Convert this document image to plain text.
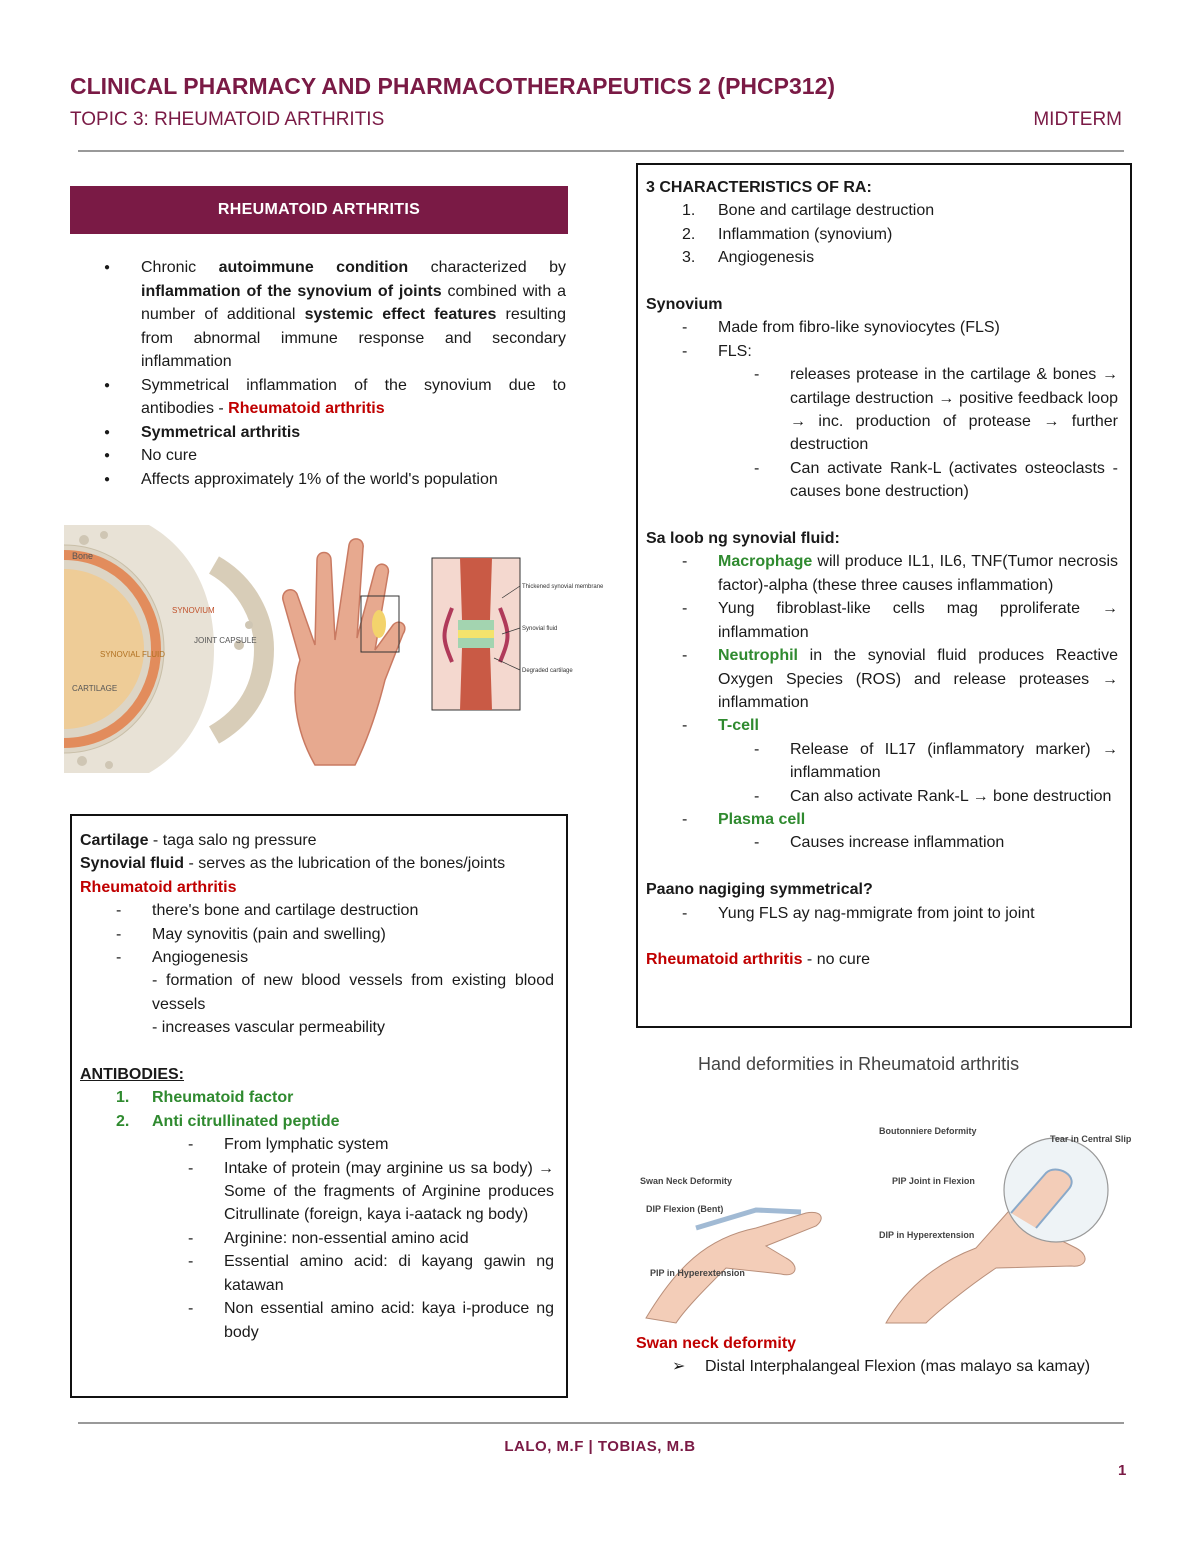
CLINICAL PHARMACY AND PHARMACOTHERAPEUTICS 2 (PHCP312)
TOPIC 3: RHEUMATOID ARTHRITIS	MIDTERM
RHEUMATOID ARTHRITIS
● Chronic autoimmune condition characterized by inflammation of the synovium of joints combined with a number of additional systemic effect features resulting from abnormal immune response and secondary inflammation
● Symmetrical inflammation of the synovium due to antibodies - Rheumatoid arthritis
● Symmetrical arthritis
● No cure
● Affects approximately 1% of the world's population
Bone
SYNOVIUM
JOINT CAPSULE
SYNOVIAL FLUID
CARTILAGE
Thickened synovial membrane
Synovial fluid
Degraded cartilage
Cartilage - taga salo ng pressure
Synovial fluid - serves as the lubrication of the bones/joints
Rheumatoid arthritis
- there's bone and cartilage destruction
- May synovitis (pain and swelling)
- Angiogenesis
- formation of new blood vessels from existing blood vessels
- increases vascular permeability
ANTIBODIES:
1. Rheumatoid factor
2. Anti citrullinated peptide
- From lymphatic system
- Intake of protein (may arginine us sa body) → Some of the fragments of Arginine produces Citrullinate (foreign, kaya i-aatack ng body)
- Arginine: non-essential amino acid
- Essential amino acid: di kayang gawin ng katawan
- Non essential amino acid: kaya i-produce ng body
3 CHARACTERISTICS OF RA:
1. Bone and cartilage destruction
2. Inflammation (synovium)
3. Angiogenesis
Synovium
- Made from fibro-like synoviocytes (FLS)
- FLS:
- releases protease in the cartilage & bones → cartilage destruction → positive feedback loop → inc. production of protease → further destruction
- Can activate Rank-L (activates osteoclasts - causes bone destruction)
Sa loob ng synovial fluid:
- Macrophage will produce IL1, IL6, TNF(Tumor necrosis factor)-alpha (these three causes inflammation)
- Yung fibroblast-like cells mag pproliferate → inflammation
- Neutrophil in the synovial fluid produces Reactive Oxygen Species (ROS) and release proteases → inflammation
- T-cell
- Release of IL17 (inflammatory marker) → inflammation
- Can also activate Rank-L → bone destruction
- Plasma cell
- Causes increase inflammation
Paano nagiging symmetrical?
- Yung FLS ay nag-mmigrate from joint to joint
Rheumatoid arthritis - no cure
Hand deformities in Rheumatoid arthritis
Boutonniere Deformity
Tear in Central Slip
PIP Joint in Flexion
DIP in Hyperextension
Swan Neck Deformity
DIP Flexion (Bent)
PIP in Hyperextension
Swan neck deformity
➢	Distal Interphalangeal Flexion (mas malayo sa kamay)
LALO, M.F | TOBIAS, M.B
1
